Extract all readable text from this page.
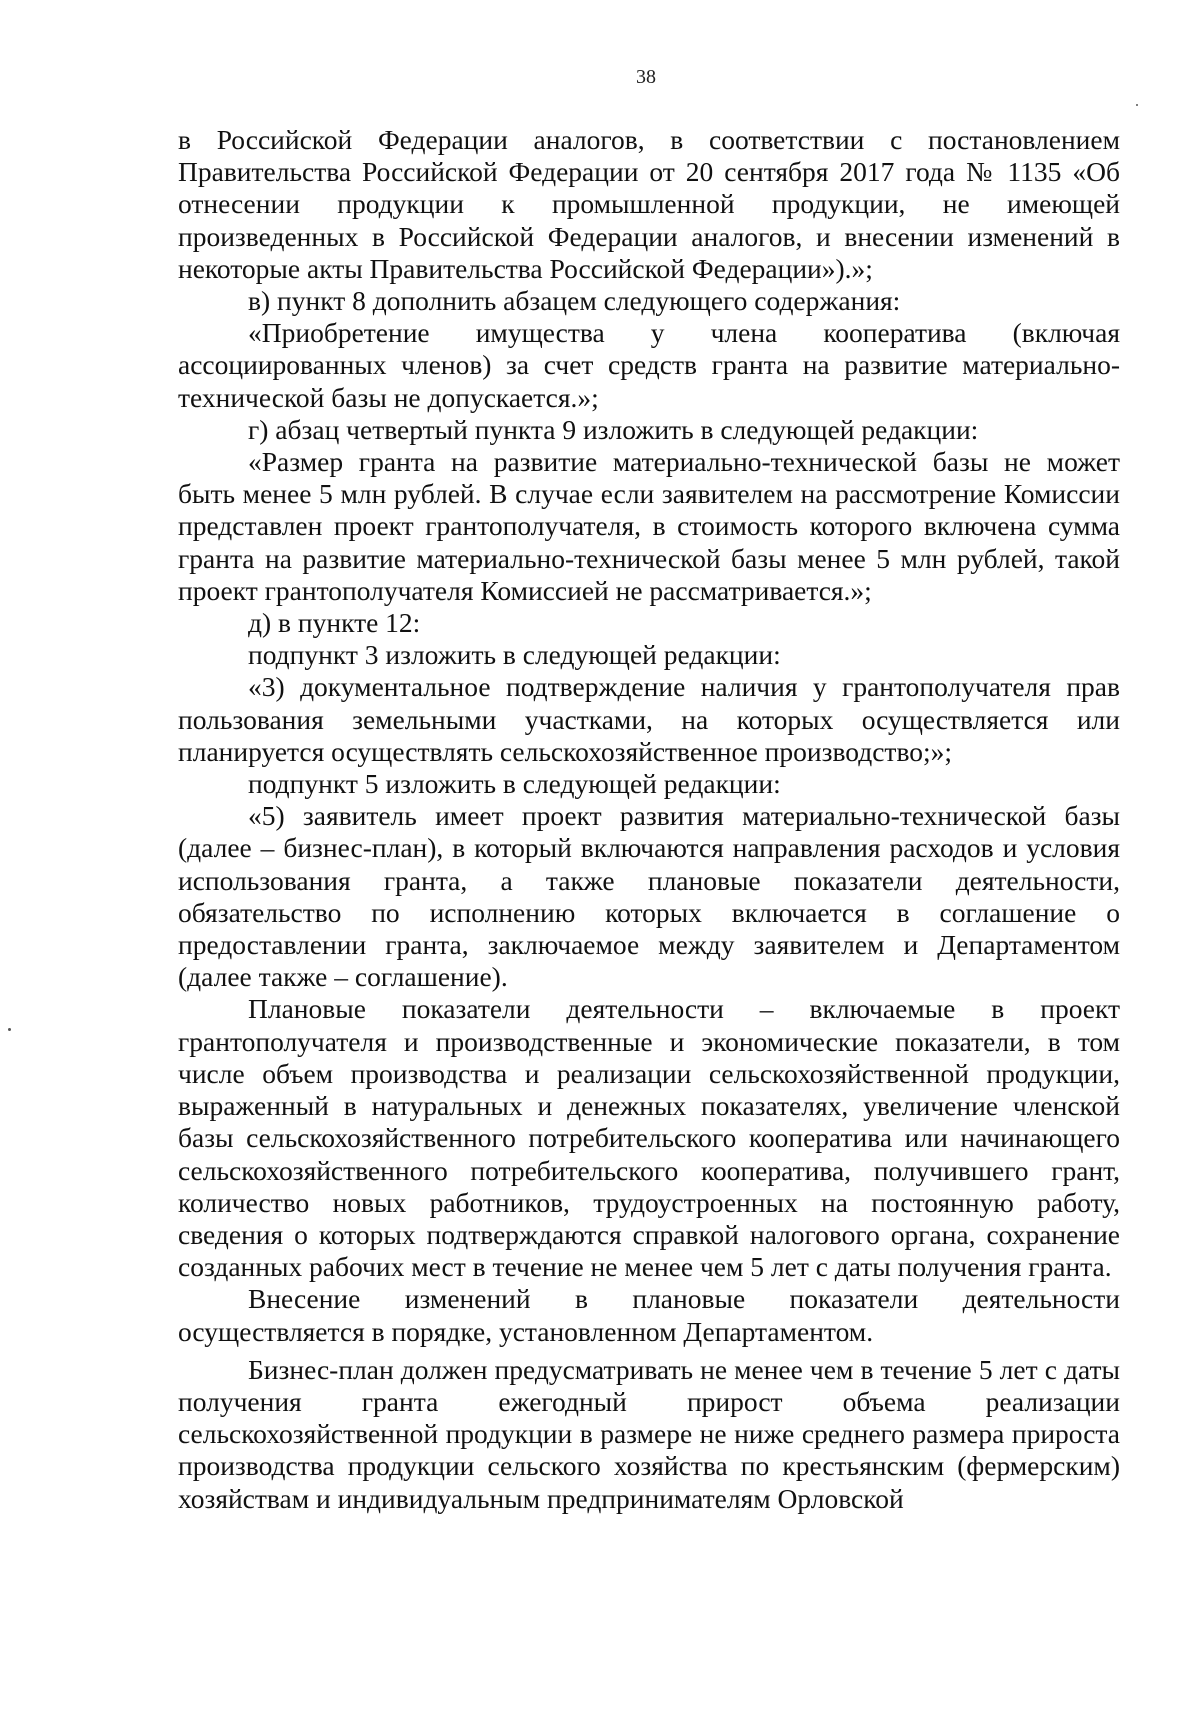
38

в Российской Федерации аналогов, в соответствии с постановлением Правительства Российской Федерации от 20 сентября 2017 года № 1135 «Об отнесении продукции к промышленной продукции, не имеющей произведенных в Российской Федерации аналогов, и внесении изменений в некоторые акты Правительства Российской Федерации»).»;

в) пункт 8 дополнить абзацем следующего содержания:

«Приобретение имущества у члена кооператива (включая ассоциированных членов) за счет средств гранта на развитие материально-технической базы не допускается.»;

г) абзац четвертый пункта 9 изложить в следующей редакции:

«Размер гранта на развитие материально-технической базы не может быть менее 5 млн рублей. В случае если заявителем на рассмотрение Комиссии представлен проект грантополучателя, в стоимость которого включена сумма гранта на развитие материально-технической базы менее 5 млн рублей, такой проект грантополучателя Комиссией не рассматривается.»;

д) в пункте 12:

подпункт 3 изложить в следующей редакции:

«3) документальное подтверждение наличия у грантополучателя прав пользования земельными участками, на которых осуществляется или планируется осуществлять сельскохозяйственное производство;»;

подпункт 5 изложить в следующей редакции:

«5) заявитель имеет проект развития материально-технической базы (далее – бизнес-план), в который включаются направления расходов и условия использования гранта, а также плановые показатели деятельности, обязательство по исполнению которых включается в соглашение о предоставлении гранта, заключаемое между заявителем и Департаментом (далее также – соглашение).

Плановые показатели деятельности – включаемые в проект грантополучателя и производственные и экономические показатели, в том числе объем производства и реализации сельскохозяйственной продукции, выраженный в натуральных и денежных показателях, увеличение членской базы сельскохозяйственного потребительского кооператива или начинающего сельскохозяйственного потребительского кооператива, получившего грант, количество новых работников, трудоустроенных на постоянную работу, сведения о которых подтверждаются справкой налогового органа, сохранение созданных рабочих мест в течение не менее чем 5 лет с даты получения гранта.

Внесение изменений в плановые показатели деятельности осуществляется в порядке, установленном Департаментом.

Бизнес-план должен предусматривать не менее чем в течение 5 лет с даты получения гранта ежегодный прирост объема реализации сельскохозяйственной продукции в размере не ниже среднего размера прироста производства продукции сельского хозяйства по крестьянским (фермерским) хозяйствам и индивидуальным предпринимателям Орловской
